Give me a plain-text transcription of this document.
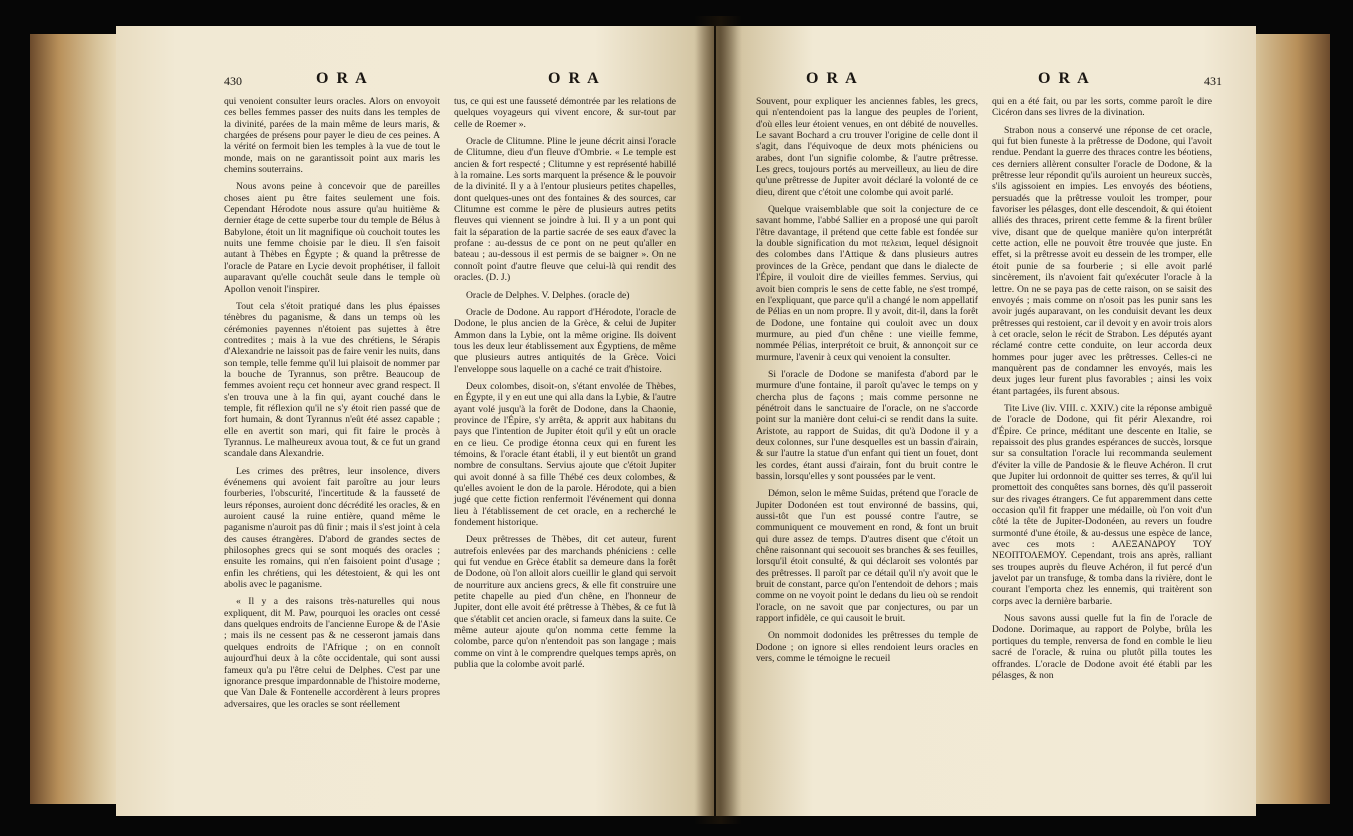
430	O R A	O R A

qui venoient consulter leurs oracles. Alors on envoyoit ces belles femmes passer des nuits dans les temples de la divinité, parées de la main même de leurs maris, & chargées de présens pour payer le dieu de ces peines. A la vérité on fermoit bien les temples à la vue de tout le monde, mais on ne garantissoit point aux maris les chemins souterrains.

Nous avons peine à concevoir que de pareilles choses aient pu être faites seulement une fois. Cependant Hérodote nous assure qu'au huitième & dernier étage de cette superbe tour du temple de Bélus à Babylone, étoit un lit magnifique où couchoit toutes les nuits une femme choisie par le dieu. Il s'en faisoit autant à Thèbes en Égypte ; & quand la prêtresse de l'oracle de Patare en Lycie devoit prophétiser, il falloit auparavant qu'elle couchât seule dans le temple où Apollon venoit l'inspirer.

Tout cela s'étoit pratiqué dans les plus épaisses ténèbres du paganisme, & dans un temps où les cérémonies payennes n'étoient pas sujettes à être contredites ; mais à la vue des chrétiens, le Sérapis d'Alexandrie ne laissoit pas de faire venir les nuits, dans son temple, telle femme qu'il lui plaisoit de nommer par la bouche de Tyrannus, son prêtre. Beaucoup de femmes avoient reçu cet honneur avec grand respect. Il s'en trouva une à la fin qui, ayant couché dans le temple, fit réflexion qu'il ne s'y étoit rien passé que de fort humain, & dont Tyrannus n'eût été assez capable ; elle en avertit son mari, qui fit faire le procès à Tyrannus. Le malheureux avoua tout, & ce fut un grand scandale dans Alexandrie.

Les crimes des prêtres, leur insolence, divers événemens qui avoient fait paroître au jour leurs fourberies, l'obscurité, l'incertitude & la fausseté de leurs réponses, auroient donc décrédité les oracles, & en auroient causé la ruine entière, quand même le paganisme n'auroit pas dû finir ; mais il s'est joint à cela des causes étrangères. D'abord de grandes sectes de philosophes grecs qui se sont moqués des oracles ; ensuite les romains, qui n'en faisoient point d'usage ; enfin les chrétiens, qui les détestoient, & qui les ont abolis avec le paganisme.

« Il y a des raisons très-naturelles qui nous expliquent, dit M. Paw, pourquoi les oracles ont cessé dans quelques endroits de l'ancienne Europe & de l'Asie ; mais ils ne cessent pas & ne cesseront jamais dans quelques endroits de l'Afrique ; on en connoît aujourd'hui deux à la côte occidentale, qui sont aussi fameux qu'a pu l'être celui de Delphes. C'est par une ignorance presque impardonnable de l'histoire moderne, que Van Dale & Fontenelle accordèrent à leurs propres adversaires, que les oracles se sont réellement

tus, ce qui est une fausseté démontrée par les relations de quelques voyageurs qui vivent encore, & sur-tout par celle de Roemer ».

Oracle de Clitumne. Pline le jeune décrit ainsi l'oracle de Clitumne, dieu d'un fleuve d'Ombrie. « Le temple est ancien & fort respecté ; Clitumne y est représenté habillé à la romaine. Les sorts marquent la présence & le pouvoir de la divinité. Il y a à l'entour plusieurs petites chapelles, dont quelques-unes ont des fontaines & des sources, car Clitumne est comme le père de plusieurs autres petits fleuves qui viennent se joindre à lui. Il y a un pont qui fait la séparation de la partie sacrée de ses eaux d'avec la profane : au-dessus de ce pont on ne peut qu'aller en bateau ; au-dessous il est permis de se baigner ». On ne connoît point d'autre fleuve que celui-là qui rendit des oracles. (D. J.)

Oracle de Delphes. V. Delphes. (oracle de)

Oracle de Dodone. Au rapport d'Hérodote, l'oracle de Dodone, le plus ancien de la Grèce, & celui de Jupiter Ammon dans la Lybie, ont la même origine. Ils doivent tous les deux leur établissement aux Égyptiens, de même que plusieurs autres antiquités de la Grèce. Voici l'enveloppe sous laquelle on a caché ce trait d'histoire.

Deux colombes, disoit-on, s'étant envolée de Thèbes, en Égypte, il y en eut une qui alla dans la Lybie, & l'autre ayant volé jusqu'à la forêt de Dodone, dans la Chaonie, province de l'Épire, s'y arrêta, & apprit aux habitans du pays que l'intention de Jupiter étoit qu'il y eût un oracle en ce lieu. Ce prodige étonna ceux qui en furent les témoins, & l'oracle étant établi, il y eut bientôt un grand nombre de consultans. Servius ajoute que c'étoit Jupiter qui avoit donné à sa fille Thébé ces deux colombes, & qu'elles avoient le don de la parole. Hérodote, qui a bien jugé que cette fiction renfermoit l'événement qui donna lieu à l'établissement de cet oracle, en a recherché le fondement historique.

Deux prêtresses de Thèbes, dit cet auteur, furent autrefois enlevées par des marchands phéniciens : celle qui fut vendue en Grèce établit sa demeure dans la forêt de Dodone, où l'on alloit alors cueillir le gland qui servoit de nourriture aux anciens grecs, & elle fit construire une petite chapelle au pied d'un chêne, en l'honneur de Jupiter, dont elle avoit été prêtresse à Thèbes, & ce fut là que s'établit cet ancien oracle, si fameux dans la suite. Ce même auteur ajoute qu'on nomma cette femme la colombe, parce qu'on n'entendoit pas son langage ; mais comme on vint à le comprendre quelques temps après, on publia que la colombe avoit parlé.

O R A	O R A	431

Souvent, pour expliquer les anciennes fables, les grecs, qui n'entendoient pas la langue des peuples de l'orient, d'où elles leur étoient venues, en ont débité de nouvelles. Le savant Bochard a cru trouver l'origine de celle dont il s'agit, dans l'équivoque de deux mots phéniciens ou arabes, dont l'un signifie colombe, & l'autre prêtresse. Les grecs, toujours portés au merveilleux, au lieu de dire qu'une prêtresse de Jupiter avoit déclaré la volonté de ce dieu, dirent que c'étoit une colombe qui avoit parlé.

Quelque vraisemblable que soit la conjecture de ce savant homme, l'abbé Sallier en a proposé une qui paroît l'être davantage, il prétend que cette fable est fondée sur la double signification du mot πελειαι, lequel désignoit des colombes dans l'Attique & dans plusieurs autres provinces de la Grèce, pendant que dans le dialecte de l'Épire, il vouloit dire de vieilles femmes. Servius, qui avoit bien compris le sens de cette fable, ne s'est trompé, en l'expliquant, que parce qu'il a changé le nom appellatif de Pélias en un nom propre. Il y avoit, dit-il, dans la forêt de Dodone, une fontaine qui couloit avec un doux murmure, au pied d'un chêne : une vieille femme, nommée Pélias, interprétoit ce bruit, & annonçoit sur ce murmure, l'avenir à ceux qui venoient la consulter.

Si l'oracle de Dodone se manifesta d'abord par le murmure d'une fontaine, il paroît qu'avec le temps on y chercha plus de façons ; mais comme personne ne pénétroit dans le sanctuaire de l'oracle, on ne s'accorde point sur la manière dont celui-ci se rendit dans la suite. Aristote, au rapport de Suidas, dit qu'à Dodone il y a deux colonnes, sur l'une desquelles est un bassin d'airain, & sur l'autre la statue d'un enfant qui tient un fouet, dont les cordes, étant aussi d'airain, font du bruit contre le bassin, lorsqu'elles y sont poussées par le vent.

Démon, selon le même Suidas, prétend que l'oracle de Jupiter Dodonéen est tout environné de bassins, qui, aussi-tôt que l'un est poussé contre l'autre, se communiquent ce mouvement en rond, & font un bruit qui dure assez de temps. D'autres disent que c'étoit un chêne raisonnant qui secouoit ses branches & ses feuilles, lorsqu'il étoit consulté, & qui déclaroit ses volontés par des prêtresses. Il paroît par ce détail qu'il n'y avoit que le bruit de constant, parce qu'on l'entendoit de dehors ; mais comme on ne voyoit point le dedans du lieu où se rendoit l'oracle, on ne savoit que par conjectures, ou par un rapport infidèle, ce qui causoit le bruit.

On nommoit dodonides les prêtresses du temple de Dodone ; on ignore si elles rendoient leurs oracles en vers, comme le témoigne le recueil

qui en a été fait, ou par les sorts, comme paroît le dire Cicéron dans ses livres de la divination.

Strabon nous a conservé une réponse de cet oracle, qui fut bien funeste à la prêtresse de Dodone, qui l'avoit rendue. Pendant la guerre des thraces contre les béotiens, ces derniers allèrent consulter l'oracle de Dodone, & la prêtresse leur répondit qu'ils auroient un heureux succès, s'ils agissoient en impies. Les envoyés des béotiens, persuadés que la prêtresse vouloit les tromper, pour favoriser les pélasges, dont elle descendoit, & qui étoient alliés des thraces, prirent cette femme & la firent brûler vive, disant que de quelque manière qu'on interprétât cette action, elle ne pouvoit être trouvée que juste. En effet, si la prêtresse avoit eu dessein de les tromper, elle étoit punie de sa fourberie ; si elle avoit parlé sincèrement, ils n'avoient fait qu'exécuter l'oracle à la lettre. On ne se paya pas de cette raison, on se saisit des envoyés ; mais comme on n'osoit pas les punir sans les avoir jugés auparavant, on les conduisit devant les deux prêtresses qui restoient, car il devoit y en avoir trois alors à cet oracle, selon le récit de Strabon. Les députés ayant réclamé contre cette conduite, on leur accorda deux hommes pour juger avec les prêtresses. Celles-ci ne manquèrent pas de condamner les envoyés, mais les deux juges leur furent plus favorables ; ainsi les voix étant partagées, ils furent absous.

Tite Live (liv. VIII. c. XXIV.) cite la réponse ambiguë de l'oracle de Dodone, qui fit périr Alexandre, roi d'Épire. Ce prince, méditant une descente en Italie, se repaissoit des plus grandes espérances de succès, lorsque sur sa consultation l'oracle lui recommanda seulement d'éviter la ville de Pandosie & le fleuve Achéron. Il crut que Jupiter lui ordonnoit de quitter ses terres, & qu'il lui promettoit des conquêtes sans bornes, dès qu'il passeroit sur des rivages étrangers. Ce fut apparemment dans cette occasion qu'il fit frapper une médaille, où l'on voit d'un côté la tête de Jupiter-Dodonéen, au revers un foudre surmonté d'une étoile, & au-dessus une espèce de lance, avec ces mots : ΑΛΕΞΑΝΔΡΟΥ ΤΟΥ ΝΕΟΠΤΟΛΕΜΟΥ. Cependant, trois ans après, ralliant ses troupes auprès du fleuve Achéron, il fut percé d'un javelot par un transfuge, & tomba dans la rivière, dont le courant l'emporta chez les ennemis, qui traitèrent son corps avec la dernière barbarie.

Nous savons aussi quelle fut la fin de l'oracle de Dodone. Dorimaque, au rapport de Polybe, brûla les portiques du temple, renversa de fond en comble le lieu sacré de l'oracle, & ruina ou plutôt pilla toutes les offrandes. L'oracle de Dodone avoit été établi par les pélasges, & non
